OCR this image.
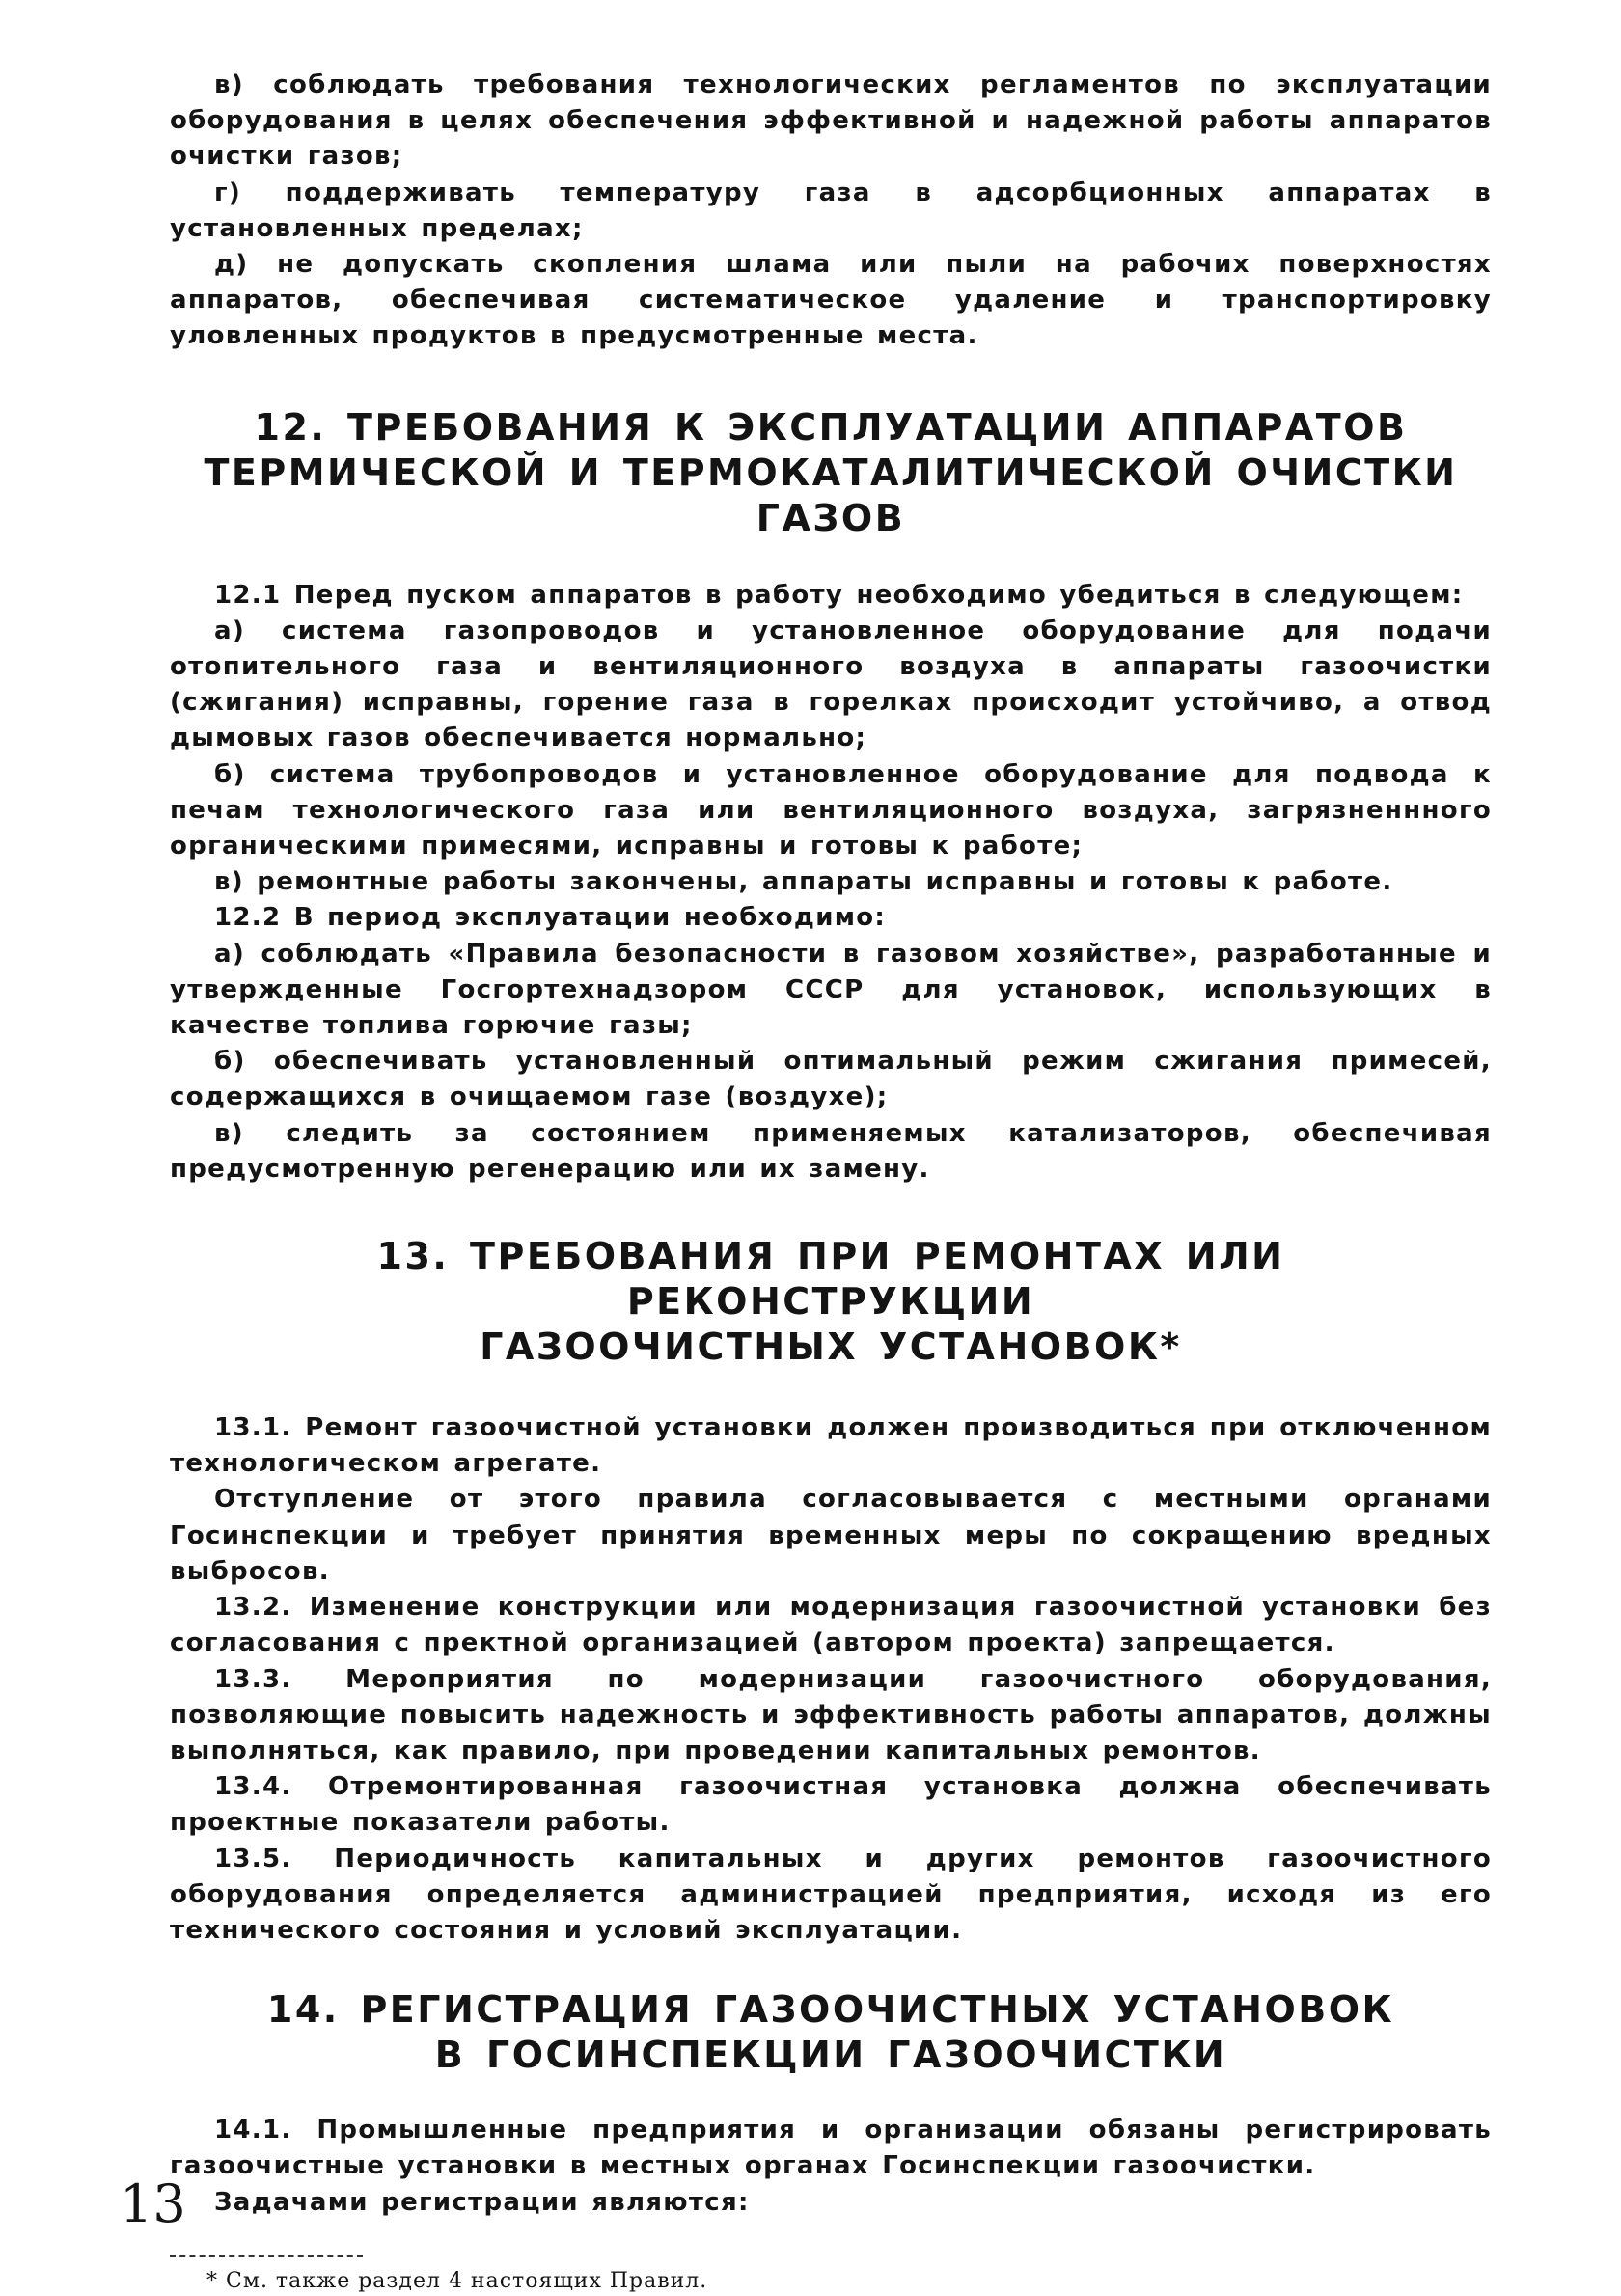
в) соблюдать требования технологических регламентов по эксплуатации оборудования в целях обеспечения эффективной и надежной работы аппаратов очистки газов;

г) поддерживать температуру газа в адсорбционных аппаратах в установленных пределах;

д) не допускать скопления шлама или пыли на рабочих поверхностях аппаратов, обеспечивая систематическое удаление и транспортировку уловленных продуктов в предусмотренные места.

12. ТРЕБОВАНИЯ К ЭКСПЛУАТАЦИИ АППАРАТОВ
ТЕРМИЧЕСКОЙ И ТЕРМОКАТАЛИТИЧЕСКОЙ ОЧИСТКИ ГАЗОВ

12.1 Перед пуском аппаратов в работу необходимо убедиться в следующем:

а) система газопроводов и установленное оборудование для подачи отопительного газа и вентиляционного воздуха в аппараты газоочистки (сжигания) исправны, горение газа в горелках происходит устойчиво, а отвод дымовых газов обеспечивается нормально;

б) система трубопроводов и установленное оборудование для подвода к печам технологического газа или вентиляционного воздуха, загрязненнного органическими примесями, исправны и готовы к работе;

в) ремонтные работы закончены, аппараты исправны и готовы к работе.

12.2 В период эксплуатации необходимо:

а) соблюдать «Правила безопасности в газовом хозяйстве», разработанные и утвержденные Госгортехнадзором СССР для установок, использующих в качестве топлива горючие газы;

б) обеспечивать установленный оптимальный режим сжигания примесей, содержащихся в очищаемом газе (воздухе);

в) следить за состоянием применяемых катализаторов, обеспечивая предусмотренную регенерацию или их замену.

13. ТРЕБОВАНИЯ ПРИ РЕМОНТАХ ИЛИ РЕКОНСТРУКЦИИ
ГАЗООЧИСТНЫХ УСТАНОВОК*

13.1. Ремонт газоочистной установки должен производиться при отключенном технологическом агрегате.

Отступление от этого правила согласовывается с местными органами Госинспекции и требует принятия временных меры по сокращению вредных выбросов.

13.2. Изменение конструкции или модернизация газоочистной установки без согласования с пректной организацией (автором проекта) запрещается.

13.3. Мероприятия по модернизации газоочистного оборудования, позволяющие повысить надежность и эффективность работы аппаратов, должны выполняться, как правило, при проведении капитальных ремонтов.

13.4. Отремонтированная газоочистная установка должна обеспечивать проектные показатели работы.

13.5. Периодичность капитальных и других ремонтов газоочистного оборудования определяется администрацией предприятия, исходя из его технического состояния и условий эксплуатации.

14. РЕГИСТРАЦИЯ ГАЗООЧИСТНЫХ УСТАНОВОК
В ГОСИНСПЕКЦИИ ГАЗООЧИСТКИ

14.1. Промышленные предприятия и организации обязаны регистрировать газоочистные установки в местных органах Госинспекции газоочистки.

Задачами регистрации являются:

* См. также раздел 4 настоящих Правил.
13
